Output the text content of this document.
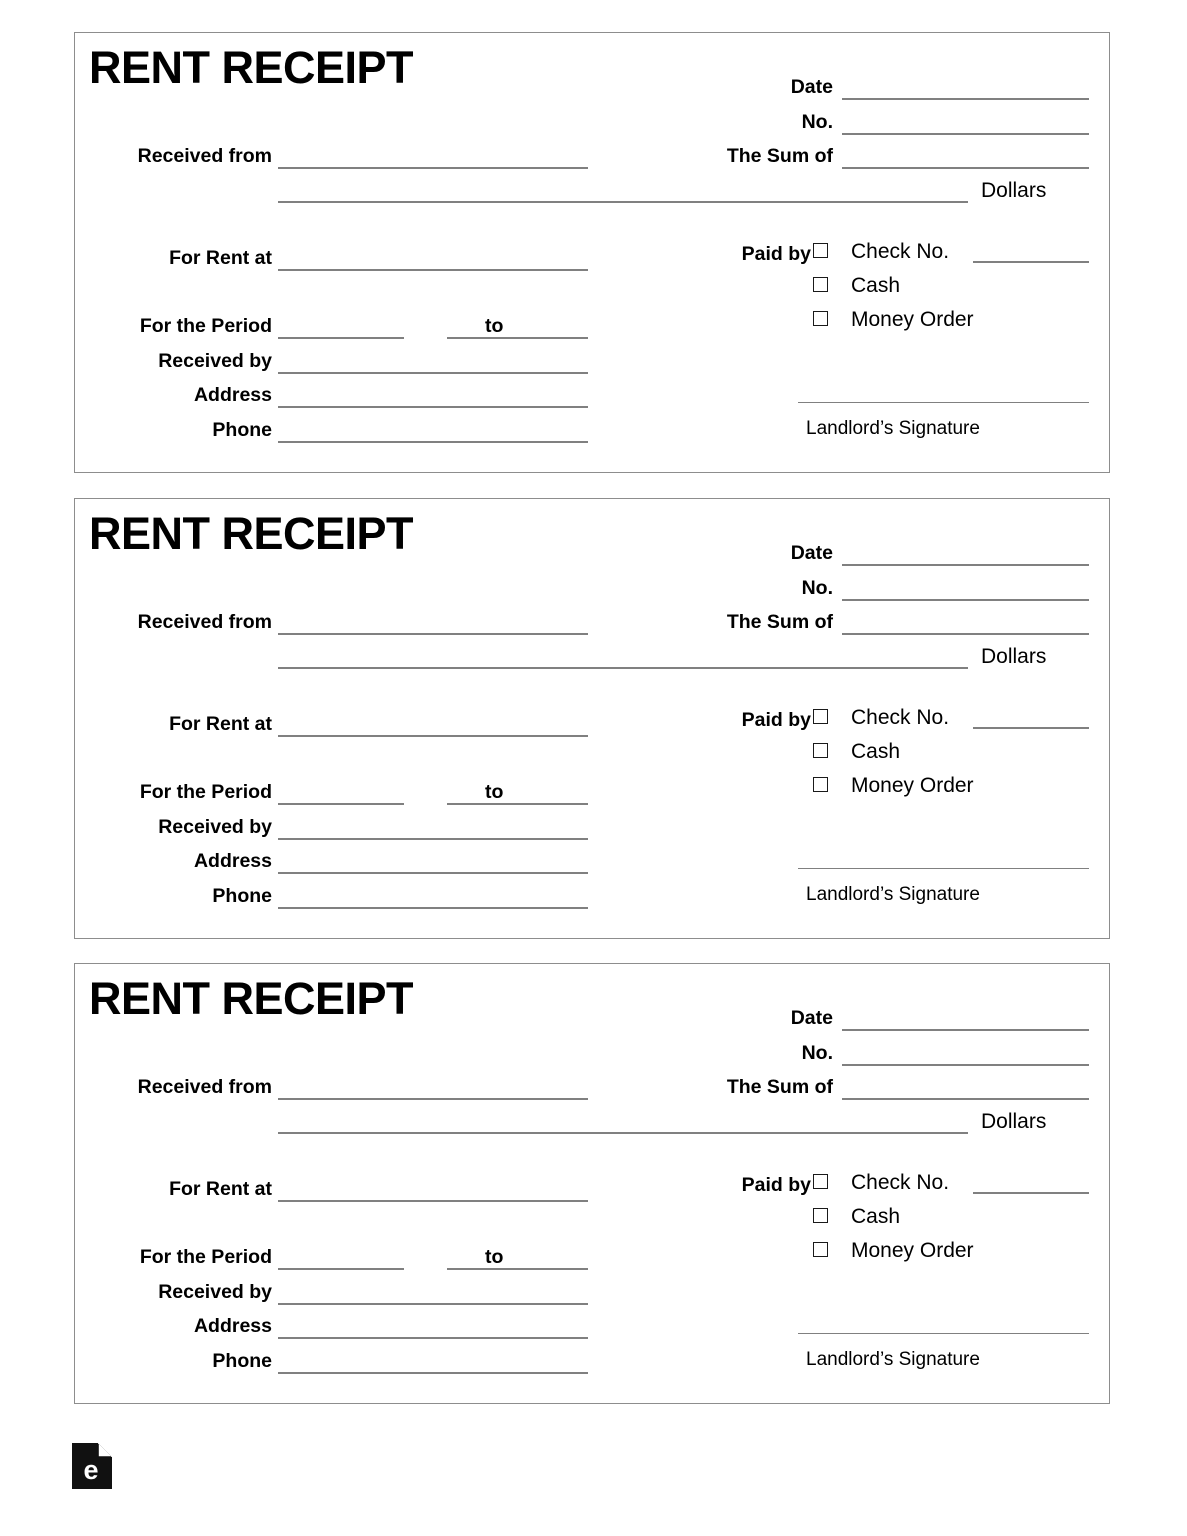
RENT RECEIPT
Received from
For Rent at
For the Period
Received by
Address
Phone
to
Date
No.
The Sum of
Dollars
Paid by Check No.
Cash
Money Order
Landlord’s Signature
RENT RECEIPT
Received from
For Rent at
For the Period
Received by
Address
Phone
to
Date
No.
The Sum of
Dollars
Paid by Check No.
Cash
Money Order
Landlord’s Signature
RENT RECEIPT
Received from
For Rent at
For the Period
Received by
Address
Phone
to
Date
No.
The Sum of
Dollars
Paid by Check No.
Cash
Money Order
Landlord’s Signature
e
